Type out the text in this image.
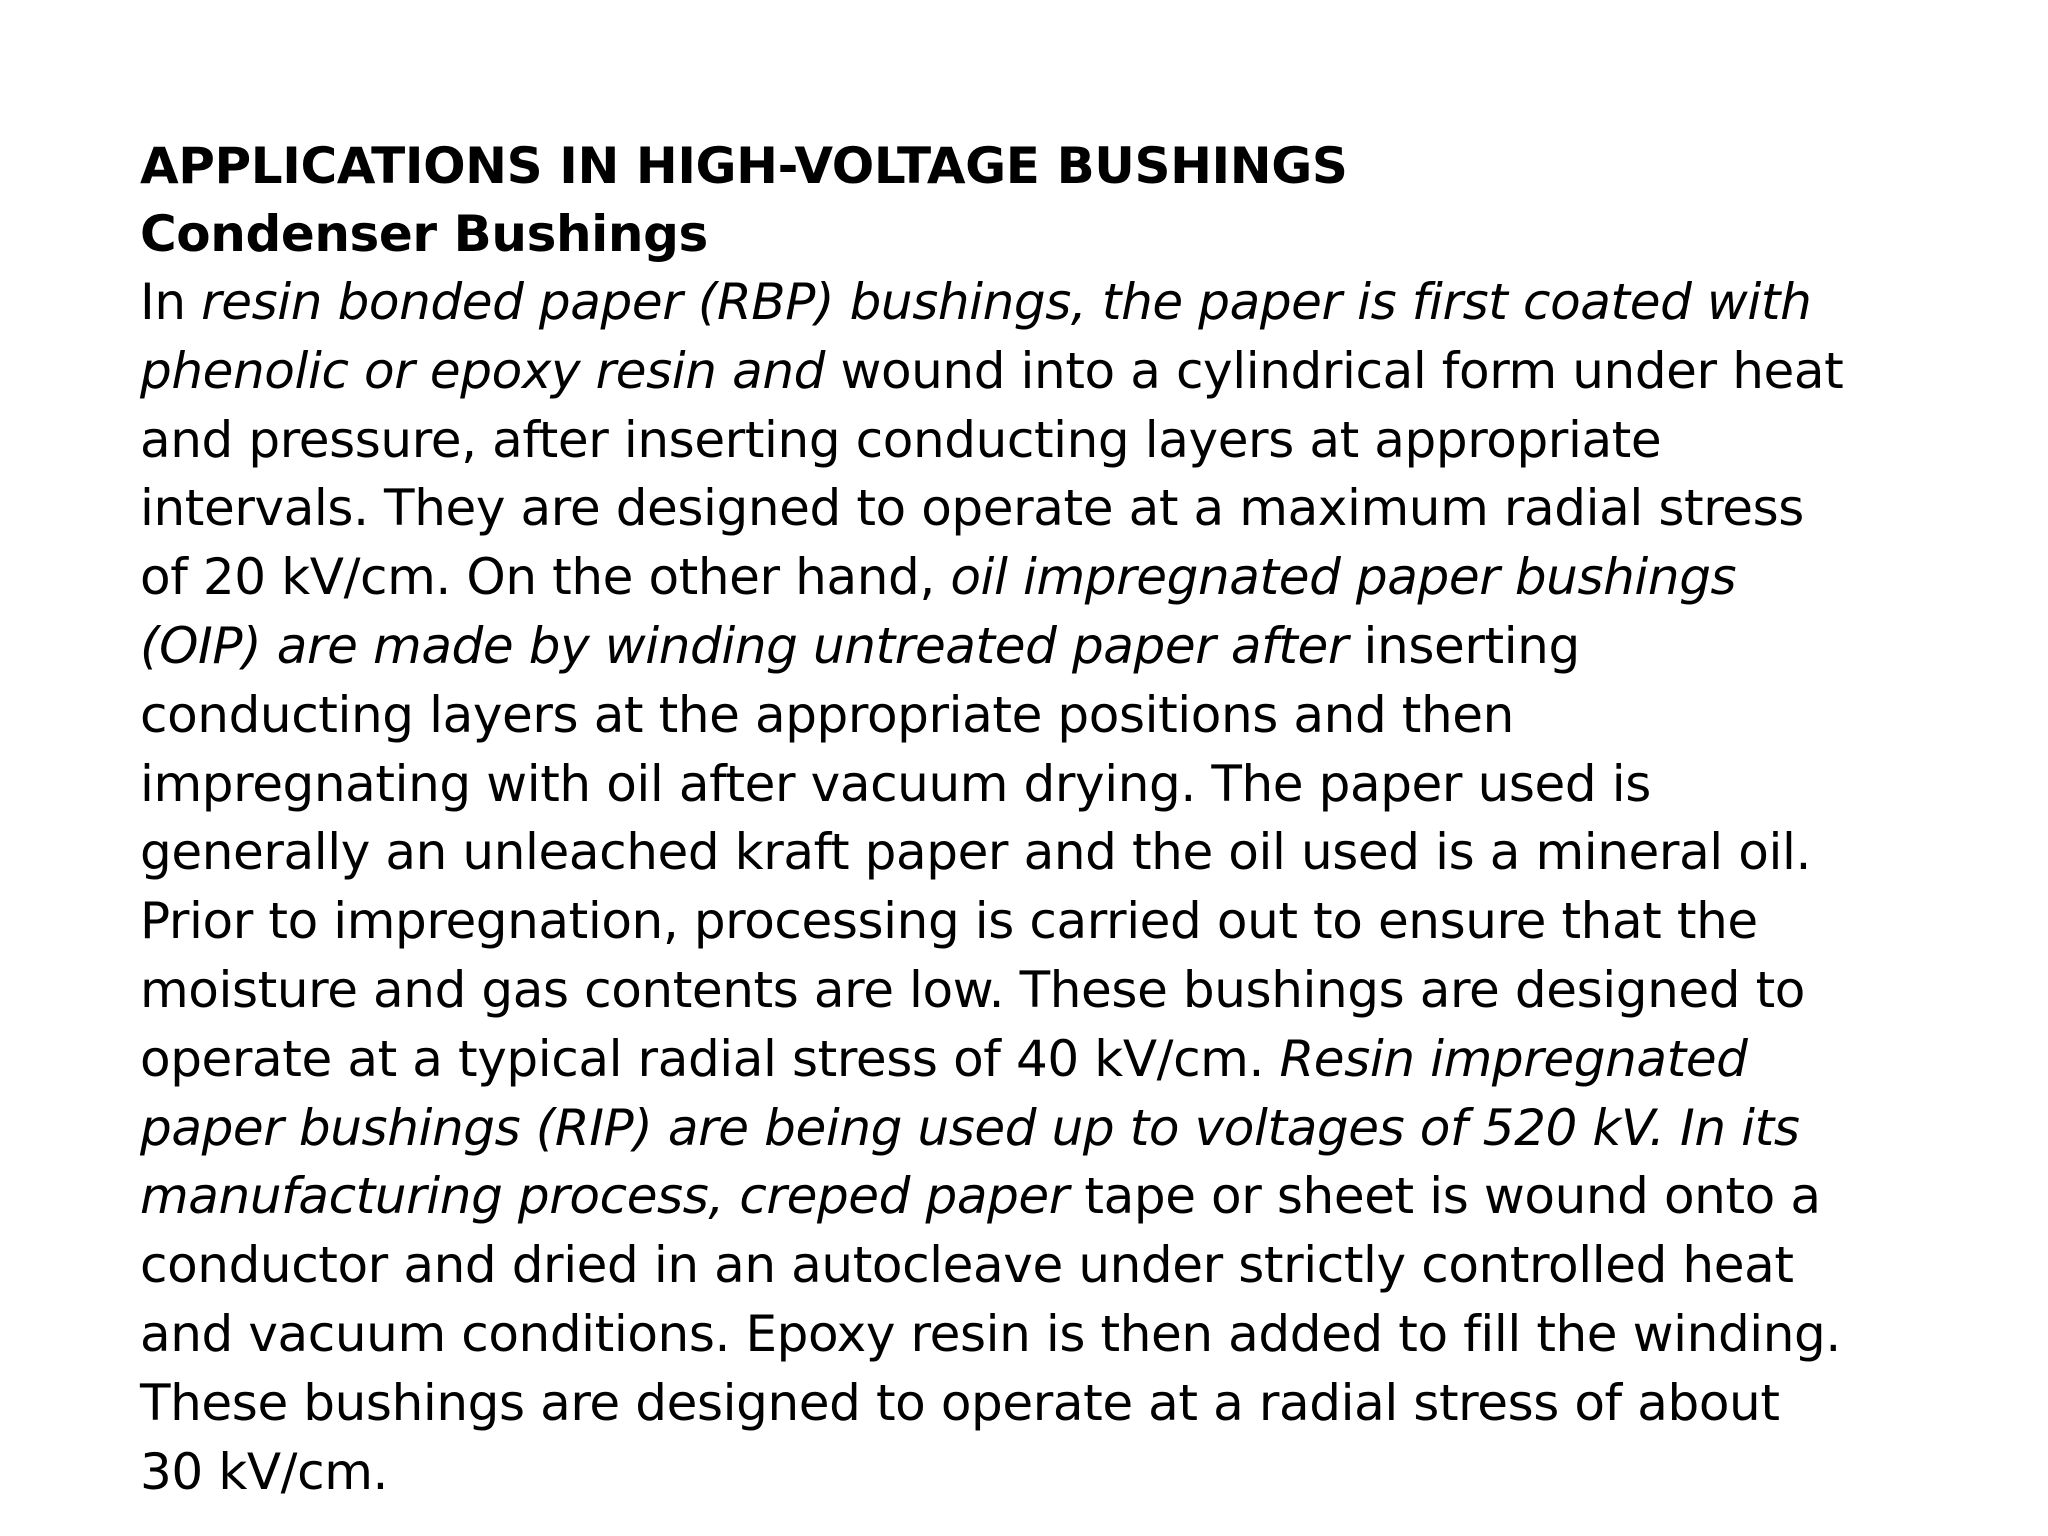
APPLICATIONS IN HIGH-VOLTAGE BUSHINGS
Condenser Bushings
In resin bonded paper (RBP) bushings, the paper is first coated with
phenolic or epoxy resin and wound into a cylindrical form under heat
and pressure, after inserting conducting layers at appropriate
intervals. They are designed to operate at a maximum radial stress
of 20 kV/cm. On the other hand, oil impregnated paper bushings
(OIP) are made by winding untreated paper after inserting
conducting layers at the appropriate positions and then
impregnating with oil after vacuum drying. The paper used is
generally an unleached kraft paper and the oil used is a mineral oil.
Prior to impregnation, processing is carried out to ensure that the
moisture and gas contents are low. These bushings are designed to
operate at a typical radial stress of 40 kV/cm. Resin impregnated
paper bushings (RIP) are being used up to voltages of 520 kV. In its
manufacturing process, creped paper tape or sheet is wound onto a
conductor and dried in an autocleave under strictly controlled heat
and vacuum conditions. Epoxy resin is then added to fill the winding.
These bushings are designed to operate at a radial stress of about
30 kV/cm.
